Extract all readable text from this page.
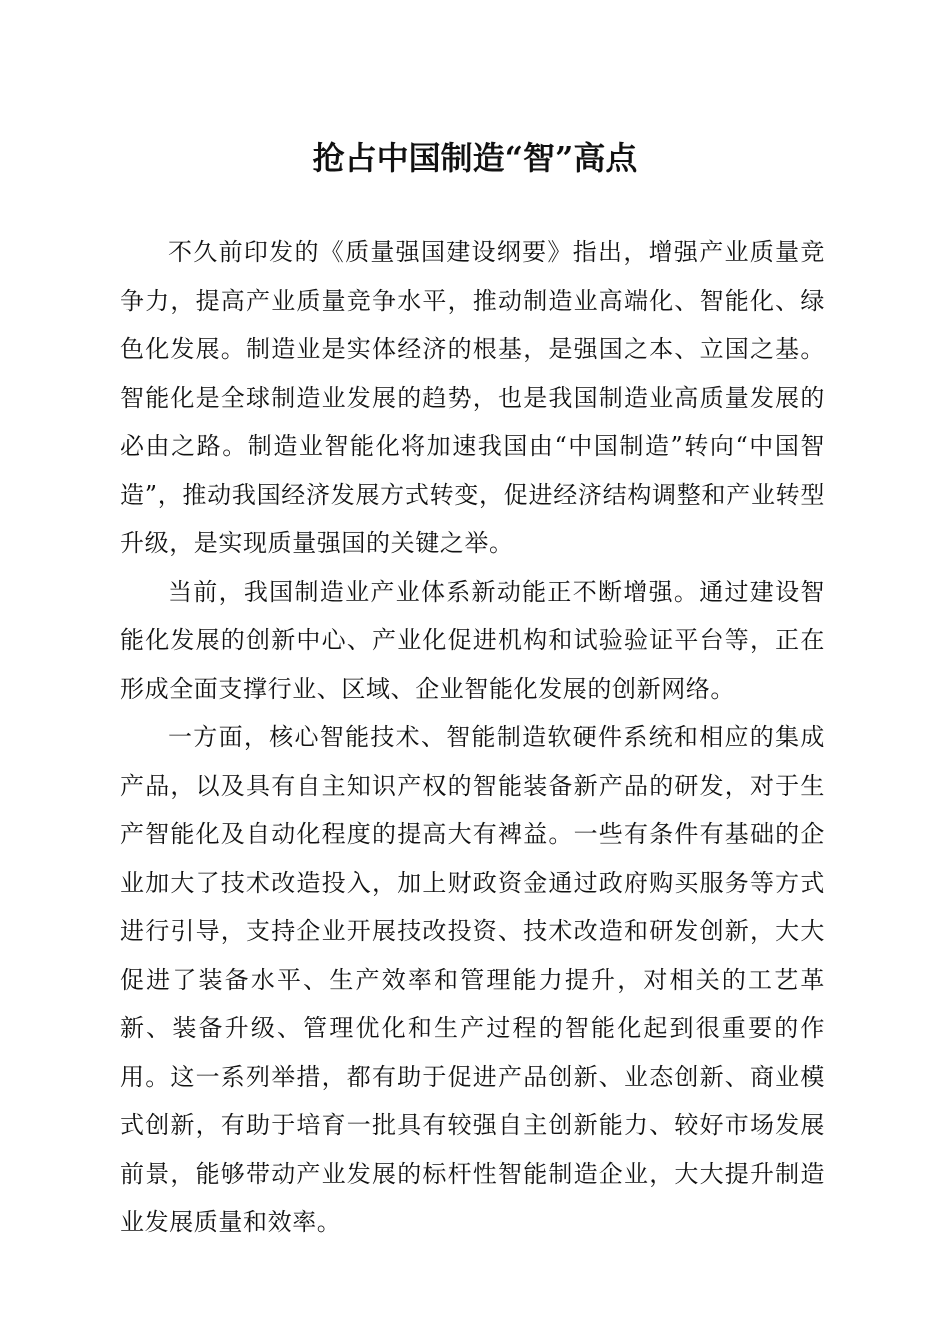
抢占中国制造“智”高点

不久前印发的《质量强国建设纲要》指出，增强产业质量竞争力，提高产业质量竞争水平，推动制造业高端化、智能化、绿色化发展。制造业是实体经济的根基，是强国之本、立国之基。智能化是全球制造业发展的趋势，也是我国制造业高质量发展的必由之路。制造业智能化将加速我国由“中国制造”转向“中国智造”，推动我国经济发展方式转变，促进经济结构调整和产业转型升级，是实现质量强国的关键之举。

当前，我国制造业产业体系新动能正不断增强。通过建设智能化发展的创新中心、产业化促进机构和试验验证平台等，正在形成全面支撑行业、区域、企业智能化发展的创新网络。

一方面，核心智能技术、智能制造软硬件系统和相应的集成产品，以及具有自主知识产权的智能装备新产品的研发，对于生产智能化及自动化程度的提高大有裨益。一些有条件有基础的企业加大了技术改造投入，加上财政资金通过政府购买服务等方式进行引导，支持企业开展技改投资、技术改造和研发创新，大大促进了装备水平、生产效率和管理能力提升，对相关的工艺革新、装备升级、管理优化和生产过程的智能化起到很重要的作用。这一系列举措，都有助于促进产品创新、业态创新、商业模式创新，有助于培育一批具有较强自主创新能力、较好市场发展前景，能够带动产业发展的标杆性智能制造企业，大大提升制造业发展质量和效率。
